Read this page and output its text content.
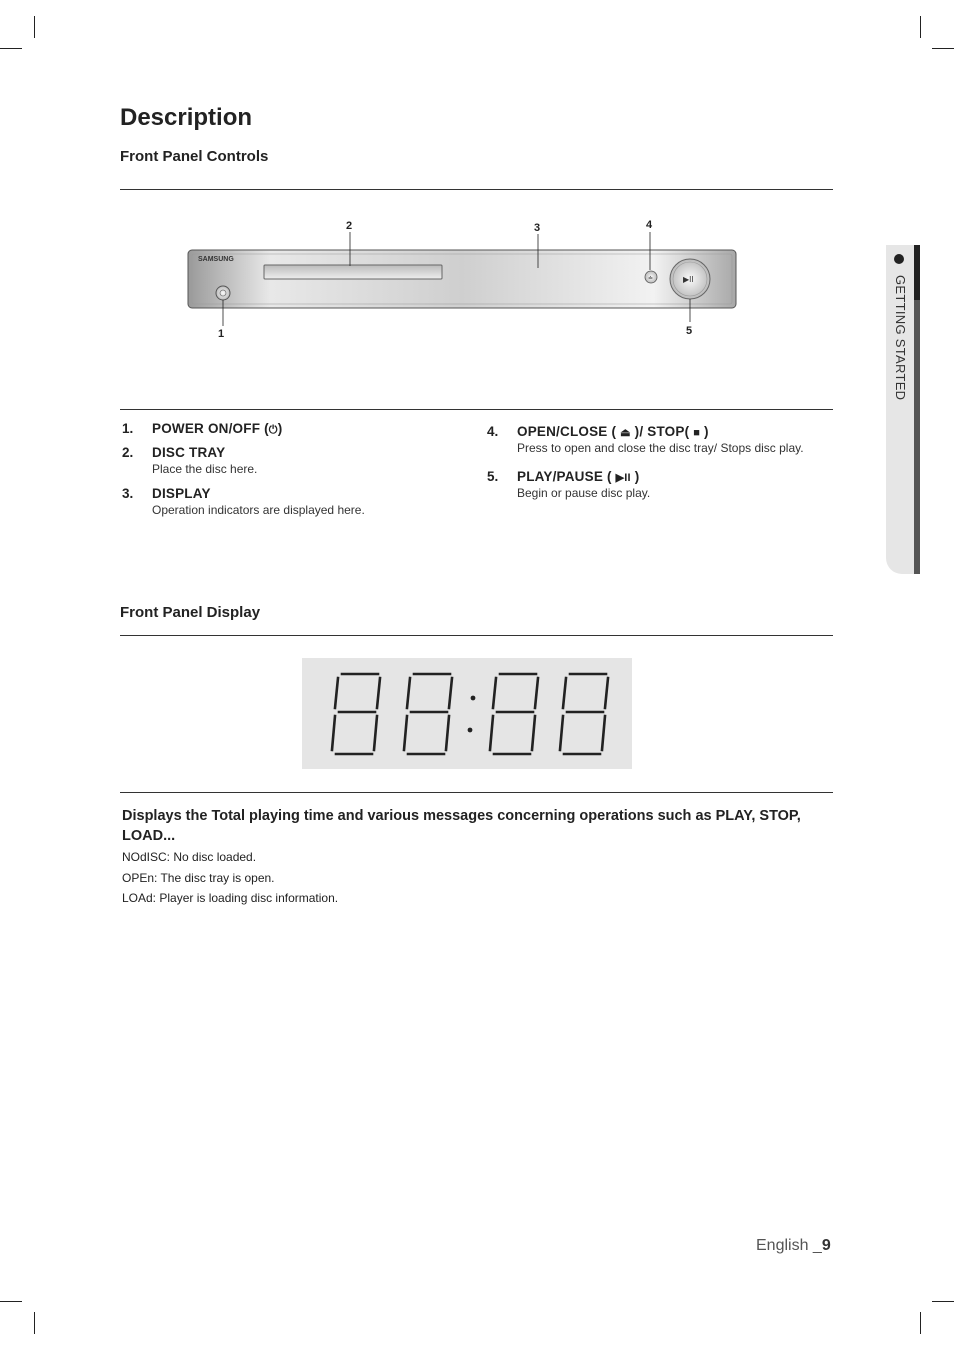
Description
Front Panel Controls
SAMSUNG
≐	▶II
2	3	4
1	5
1. POWER ON/OFF (⏻)
2. DISC TRAY
Place the disc here.
3. DISPLAY
Operation indicators are displayed here.
4. OPEN/CLOSE ( ⏏ )/ STOP( ■ )
Press to open and close the disc tray/ Stops disc play.
5. PLAY/PAUSE ( ▶II )
Begin or pause disc play.
Front Panel Display
Displays the Total playing time and various messages concerning operations such as PLAY, STOP, LOAD...
NOdISC: No disc loaded.
OPEn: The disc tray is open.
LOAd: Player is loading disc information.
GETTING STARTED
English _9
